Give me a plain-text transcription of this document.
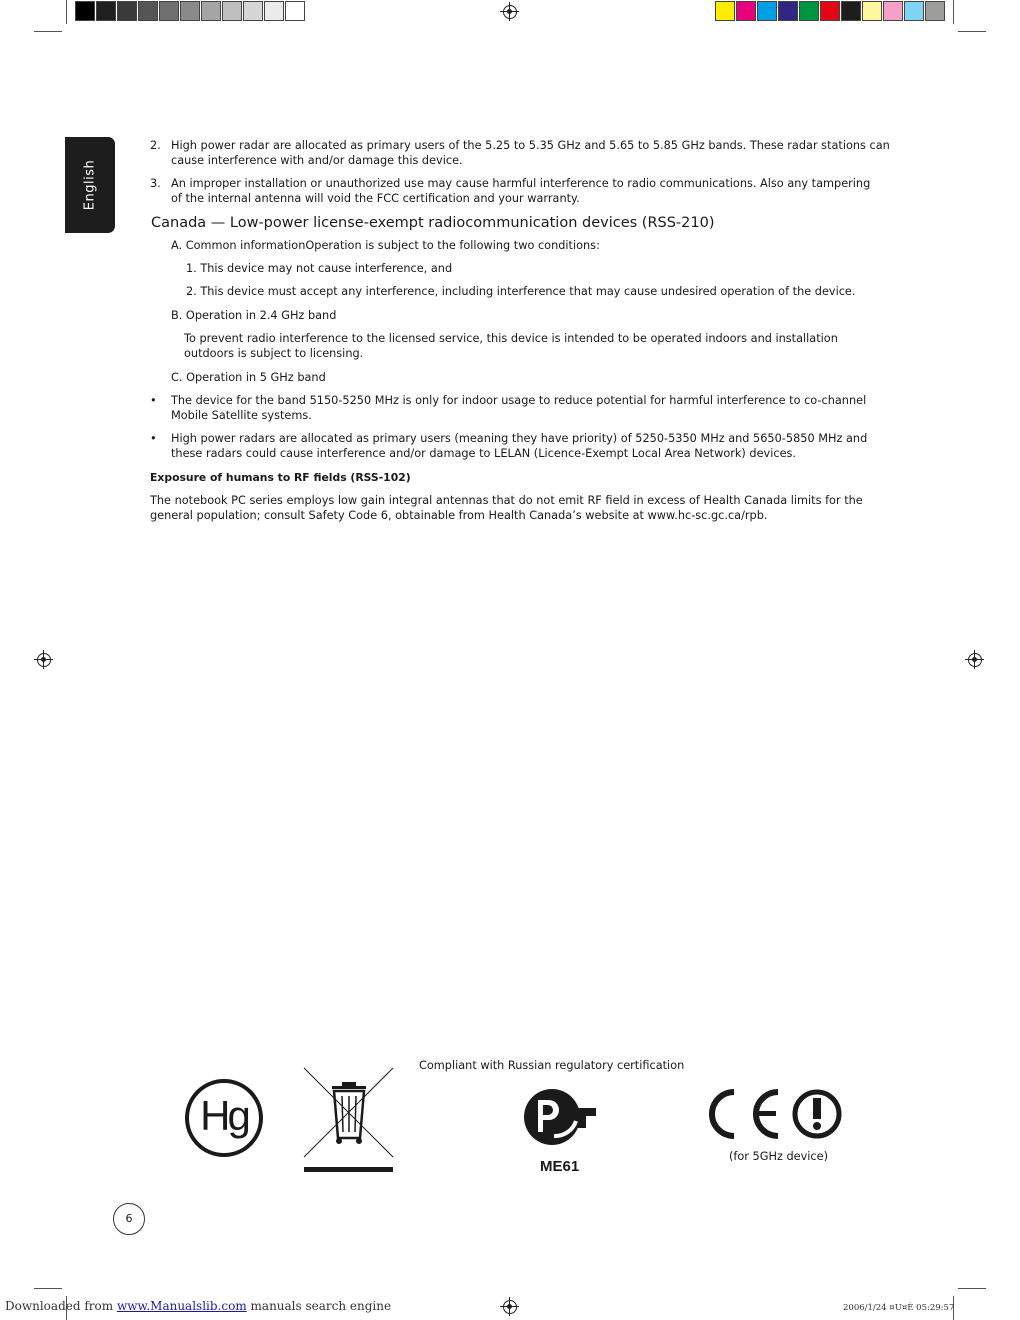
English
2. High power radar are allocated as primary users of the 5.25 to 5.35 GHz and 5.65 to 5.85 GHz bands. These radar stations can
cause interference with and/or damage this device.
3. An improper installation or unauthorized use may cause harmful interference to radio communications. Also any tampering
of the internal antenna will void the FCC certification and your warranty.
Canada — Low-power license-exempt radiocommunication devices (RSS-210)
A. Common informationOperation is subject to the following two conditions:
1. This device may not cause interference, and
2. This device must accept any interference, including interference that may cause undesired operation of the device.
B. Operation in 2.4 GHz band
To prevent radio interference to the licensed service, this device is intended to be operated indoors and installation
outdoors is subject to licensing.
C. Operation in 5 GHz band
• The device for the band 5150-5250 MHz is only for indoor usage to reduce potential for harmful interference to co-channel
Mobile Satellite systems.
• High power radars are allocated as primary users (meaning they have priority) of 5250-5350 MHz and 5650-5850 MHz and
these radars could cause interference and/or damage to LELAN (Licence-Exempt Local Area Network) devices.
Exposure of humans to RF fields (RSS-102)
The notebook PC series employs low gain integral antennas that do not emit RF field in excess of Health Canada limits for the
general population; consult Safety Code 6, obtainable from Health Canada’s website at www.hc-sc.gc.ca/rpb.
Hg
Compliant with Russian regulatory certification
ME61
(for 5GHz device)
6
Downloaded from www.Manualslib.com manuals search engine	2006/1/24 ¤U¤È 05:29:57
